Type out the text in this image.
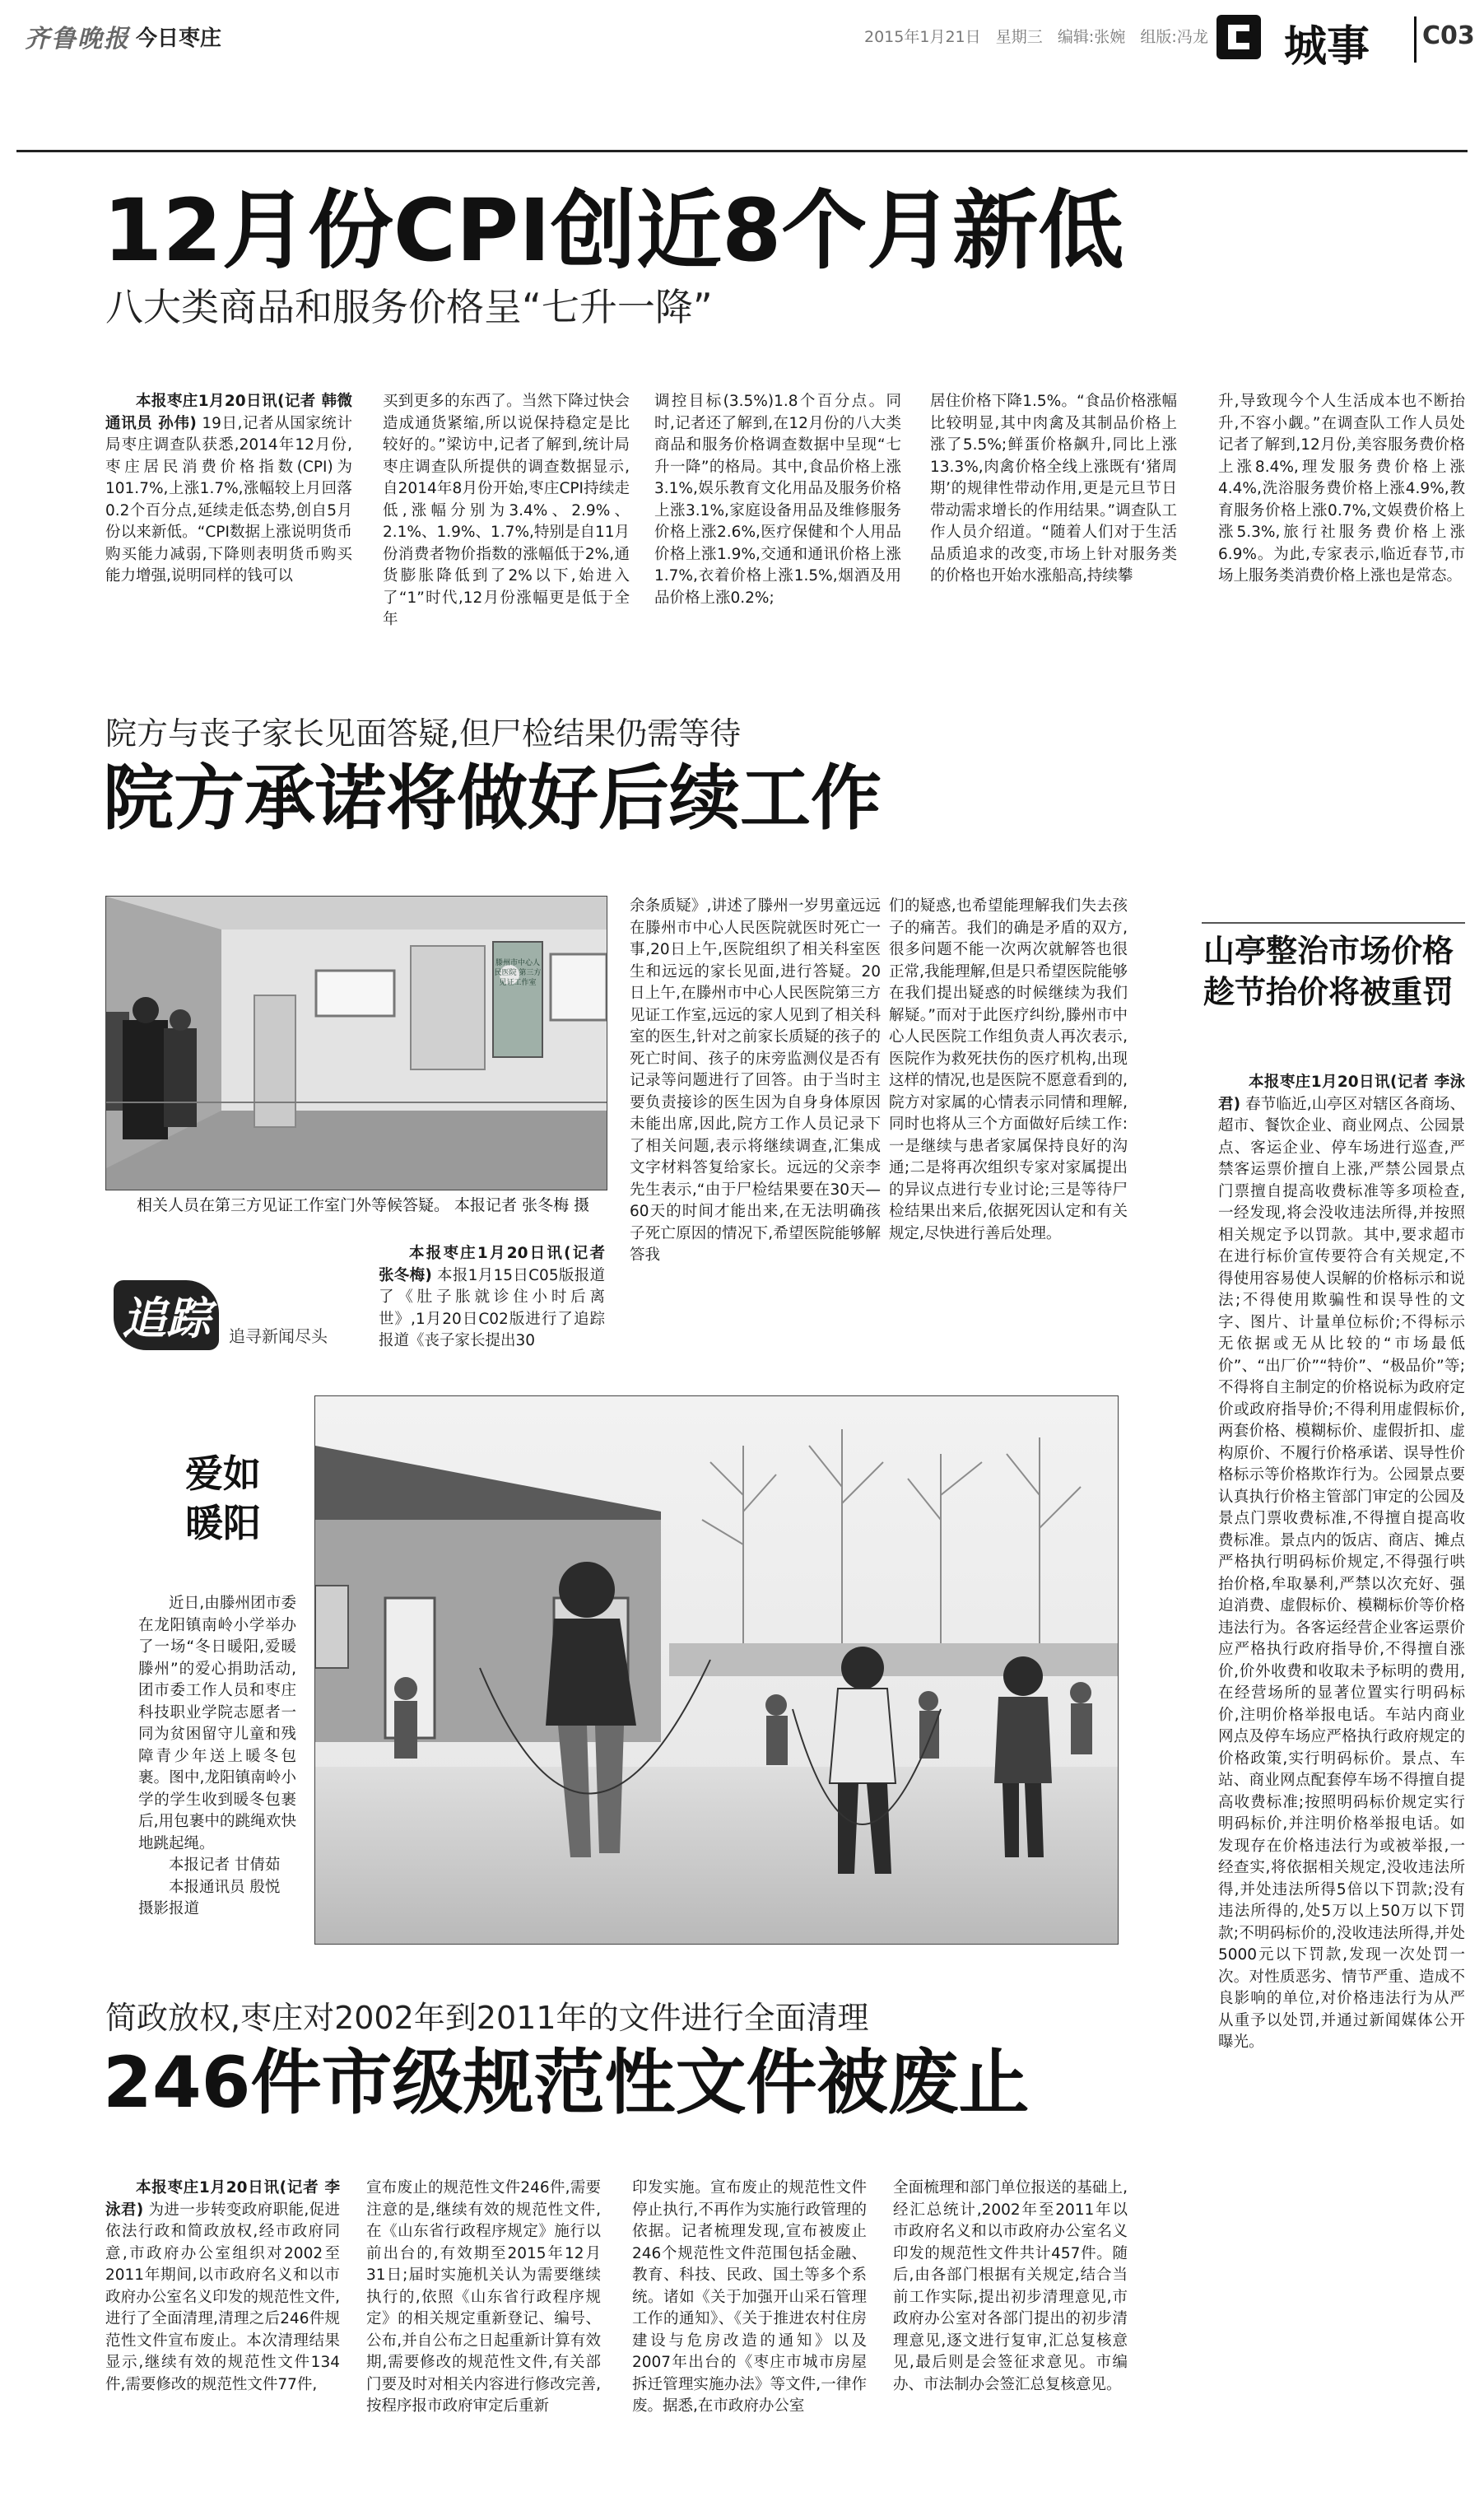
齐鲁晚报 今日枣庄	2015年1月21日 星期三 编辑:张婉 组版:冯龙 城事 C03
12月份CPI创近8个月新低
八大类商品和服务价格呈“七升一降”

本报枣庄1月20日讯(记者 韩微 通讯员 孙伟) 19日,记者从国家统计局枣庄调查队获悉,2014年12月份,枣庄居民消费价格指数(CPI)为101.7%,上涨1.7%,涨幅较上月回落0.2个百分点,延续走低态势,创自5月份以来新低。“CPI数据上涨说明货币购买能力减弱,下降则表明货币购买能力增强,说明同样的钱可以

买到更多的东西了。当然下降过快会造成通货紧缩,所以说保持稳定是比较好的。”梁访中,记者了解到,统计局枣庄调查队所提供的调查数据显示,自2014年8月份开始,枣庄CPI持续走低,涨幅分别为3.4%、2.9%、2.1%、1.9%、1.7%,特别是自11月份消费者物价指数的涨幅低于2%,通货膨胀降低到了2%以下,始进入了“1”时代,12月份涨幅更是低于全年

调控目标(3.5%)1.8个百分点。同时,记者还了解到,在12月份的八大类商品和服务价格调查数据中呈现“七升一降”的格局。其中,食品价格上涨3.1%,娱乐教育文化用品及服务价格上涨3.1%,家庭设备用品及维修服务价格上涨2.6%,医疗保健和个人用品价格上涨1.9%,交通和通讯价格上涨1.7%,衣着价格上涨1.5%,烟酒及用品价格上涨0.2%;

居住价格下降1.5%。“食品价格涨幅比较明显,其中肉禽及其制品价格上涨了5.5%;鲜蛋价格飙升,同比上涨13.3%,肉禽价格全线上涨既有‘猪周期’的规律性带动作用,更是元旦节日带动需求增长的作用结果。”调查队工作人员介绍道。“随着人们对于生活品质追求的改变,市场上针对服务类的价格也开始水涨船高,持续攀

升,导致现今个人生活成本也不断抬升,不容小觑。”在调查队工作人员处记者了解到,12月份,美容服务费价格上涨8.4%,理发服务费价格上涨4.4%,洗浴服务费价格上涨4.9%,教育服务价格上涨0.7%,文娱费价格上涨5.3%,旅行社服务费价格上涨6.9%。为此,专家表示,临近春节,市场上服务类消费价格上涨也是常态。

院方与丧子家长见面答疑,但尸检结果仍需等待
院方承诺将做好后续工作
滕州市中心人民医院 第三方见证工作室
相关人员在第三方见证工作室门外等候答疑。 本报记者 张冬梅 摄

本报枣庄1月20日讯(记者 张冬梅) 本报1月15日C05版报道了《肚子胀就诊住小时后离世》,1月20日C02版进行了追踪报道《丧子家长提出30

余条质疑》,讲述了滕州一岁男童远远在滕州市中心人民医院就医时死亡一事,20日上午,医院组织了相关科室医生和远远的家长见面,进行答疑。20日上午,在滕州市中心人民医院第三方见证工作室,远远的家人见到了相关科室的医生,针对之前家长质疑的孩子的死亡时间、孩子的床旁监测仪是否有记录等问题进行了回答。由于当时主要负责接诊的医生因为自身身体原因未能出席,因此,院方工作人员记录下了相关问题,表示将继续调查,汇集成文字材料答复给家长。远远的父亲李先生表示,“由于尸检结果要在30天—60天的时间才能出来,在无法明确孩子死亡原因的情况下,希望医院能够解答我

们的疑惑,也希望能理解我们失去孩子的痛苦。我们的确是矛盾的双方,很多问题不能一次两次就解答也很正常,我能理解,但是只希望医院能够在我们提出疑惑的时候继续为我们解疑。”而对于此医疗纠纷,滕州市中心人民医院工作组负责人再次表示,医院作为救死扶伤的医疗机构,出现这样的情况,也是医院不愿意看到的,院方对家属的心情表示同情和理解,同时也将从三个方面做好后续工作:一是继续与患者家属保持良好的沟通;二是将再次组织专家对家属提出的异议点进行专业讨论;三是等待尸检结果出来后,依据死因认定和有关规定,尽快进行善后处理。

追踪	追寻新闻尽头
山亭整治市场价格
趁节抬价将被重罚

本报枣庄1月20日讯(记者 李泳君) 春节临近,山亭区对辖区各商场、超市、餐饮企业、商业网点、公园景点、客运企业、停车场进行巡查,严禁客运票价擅自上涨,严禁公园景点门票擅自提高收费标准等多项检查,一经发现,将会没收违法所得,并按照相关规定予以罚款。其中,要求超市在进行标价宣传要符合有关规定,不得使用容易使人误解的价格标示和说法;不得使用欺骗性和误导性的文字、图片、计量单位标价;不得标示无依据或无从比较的“市场最低价”、“出厂价”“特价”、“极品价”等;不得将自主制定的价格说标为政府定价或政府指导价;不得利用虚假标价,两套价格、模糊标价、虚假折扣、虚构原价、不履行价格承诺、误导性价格标示等价格欺诈行为。公园景点要认真执行价格主管部门审定的公园及景点门票收费标准,不得擅自提高收费标准。景点内的饭店、商店、摊点严格执行明码标价规定,不得强行哄抬价格,牟取暴利,严禁以次充好、强迫消费、虚假标价、模糊标价等价格违法行为。各客运经营企业客运票价应严格执行政府指导价,不得擅自涨价,价外收费和收取未予标明的费用,在经营场所的显著位置实行明码标价,注明价格举报电话。车站内商业网点及停车场应严格执行政府规定的价格政策,实行明码标价。景点、车站、商业网点配套停车场不得擅自提高收费标准;按照明码标价规定实行明码标价,并注明价格举报电话。如发现存在价格违法行为或被举报,一经查实,将依据相关规定,没收违法所得,并处违法所得5倍以下罚款;没有违法所得的,处5万以上50万以下罚款;不明码标价的,没收违法所得,并处5000元以下罚款,发现一次处罚一次。对性质恶劣、情节严重、造成不良影响的单位,对价格违法行为从严从重予以处罚,并通过新闻媒体公开曝光。

爱如
暖阳

近日,由滕州团市委在龙阳镇南岭小学举办了一场“冬日暖阳,爱暖滕州”的爱心捐助活动,团市委工作人员和枣庄科技职业学院志愿者一同为贫困留守儿童和残障青少年送上暖冬包裹。图中,龙阳镇南岭小学的学生收到暖冬包裹后,用包裹中的跳绳欢快地跳起绳。

本报记者 甘倩茹

本报通讯员 殷悦

摄影报道

简政放权,枣庄对2002年到2011年的文件进行全面清理
246件市级规范性文件被废止

本报枣庄1月20日讯(记者 李泳君) 为进一步转变政府职能,促进依法行政和简政放权,经市政府同意,市政府办公室组织对2002至2011年期间,以市政府名义和以市政府办公室名义印发的规范性文件,进行了全面清理,清理之后246件规范性文件宣布废止。本次清理结果显示,继续有效的规范性文件134件,需要修改的规范性文件77件,

宣布废止的规范性文件246件,需要注意的是,继续有效的规范性文件,在《山东省行政程序规定》施行以前出台的,有效期至2015年12月31日;届时实施机关认为需要继续执行的,依照《山东省行政程序规定》的相关规定重新登记、编号、公布,并自公布之日起重新计算有效期,需要修改的规范性文件,有关部门要及时对相关内容进行修改完善,按程序报市政府审定后重新

印发实施。宣布废止的规范性文件停止执行,不再作为实施行政管理的依据。记者梳理发现,宣布被废止246个规范性文件范围包括金融、教育、科技、民政、国土等多个系统。诸如《关于加强开山采石管理工作的通知》、《关于推进农村住房建设与危房改造的通知》以及2007年出台的《枣庄市城市房屋拆迁管理实施办法》等文件,一律作废。据悉,在市政府办公室

全面梳理和部门单位报送的基础上,经汇总统计,2002年至2011年以市政府名义和以市政府办公室名义印发的规范性文件共计457件。随后,由各部门根据有关规定,结合当前工作实际,提出初步清理意见,市政府办公室对各部门提出的初步清理意见,逐文进行复审,汇总复核意见,最后则是会签征求意见。市编办、市法制办会签汇总复核意见。
